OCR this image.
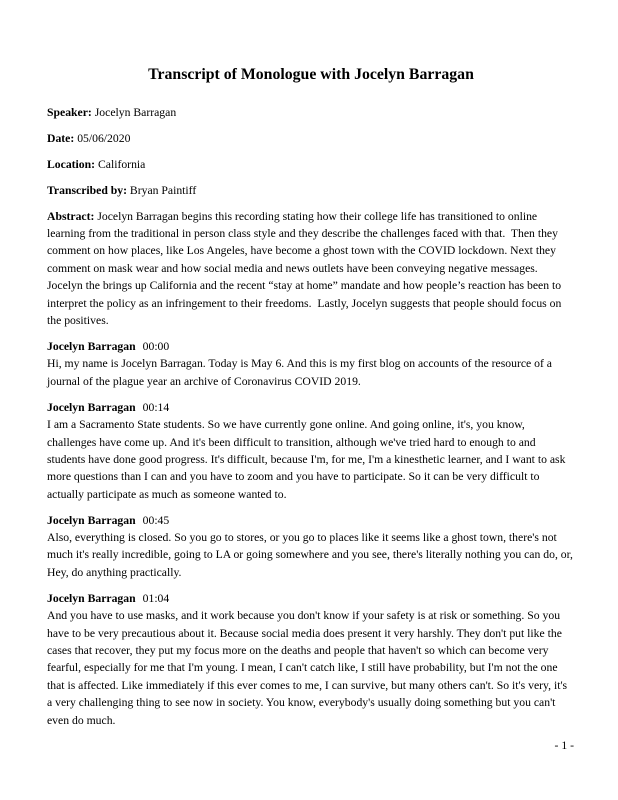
Transcript of Monologue with Jocelyn Barragan

Speaker: Jocelyn Barragan

Date: 05/06/2020

Location: California

Transcribed by: Bryan Paintiff

Abstract: Jocelyn Barragan begins this recording stating how their college life has transitioned to online learning from the traditional in person class style and they describe the challenges faced with that.  Then they comment on how places, like Los Angeles, have become a ghost town with the COVID lockdown. Next they comment on mask wear and how social media and news outlets have been conveying negative messages.  Jocelyn the brings up California and the recent “stay at home” mandate and how people’s reaction has been to interpret the policy as an infringement to their freedoms.  Lastly, Jocelyn suggests that people should focus on the positives.

Jocelyn Barragan 00:00

Hi, my name is Jocelyn Barragan. Today is May 6. And this is my first blog on accounts of the resource of a journal of the plague year an archive of Coronavirus COVID 2019.

Jocelyn Barragan 00:14

I am a Sacramento State students. So we have currently gone online. And going online, it's, you know, challenges have come up. And it's been difficult to transition, although we've tried hard to enough to and students have done good progress. It's difficult, because I'm, for me, I'm a kinesthetic learner, and I want to ask more questions than I can and you have to zoom and you have to participate. So it can be very difficult to actually participate as much as someone wanted to.

Jocelyn Barragan 00:45

Also, everything is closed. So you go to stores, or you go to places like it seems like a ghost town, there's not much it's really incredible, going to LA or going somewhere and you see, there's literally nothing you can do, or, Hey, do anything practically.

Jocelyn Barragan 01:04

And you have to use masks, and it work because you don't know if your safety is at risk or something. So you have to be very precautious about it. Because social media does present it very harshly. They don't put like the cases that recover, they put my focus more on the deaths and people that haven't so which can become very fearful, especially for me that I'm young. I mean, I can't catch like, I still have probability, but I'm not the one that is affected. Like immediately if this ever comes to me, I can survive, but many others can't. So it's very, it's a very challenging thing to see now in society. You know, everybody's usually doing something but you can't even do much.

- 1 -
